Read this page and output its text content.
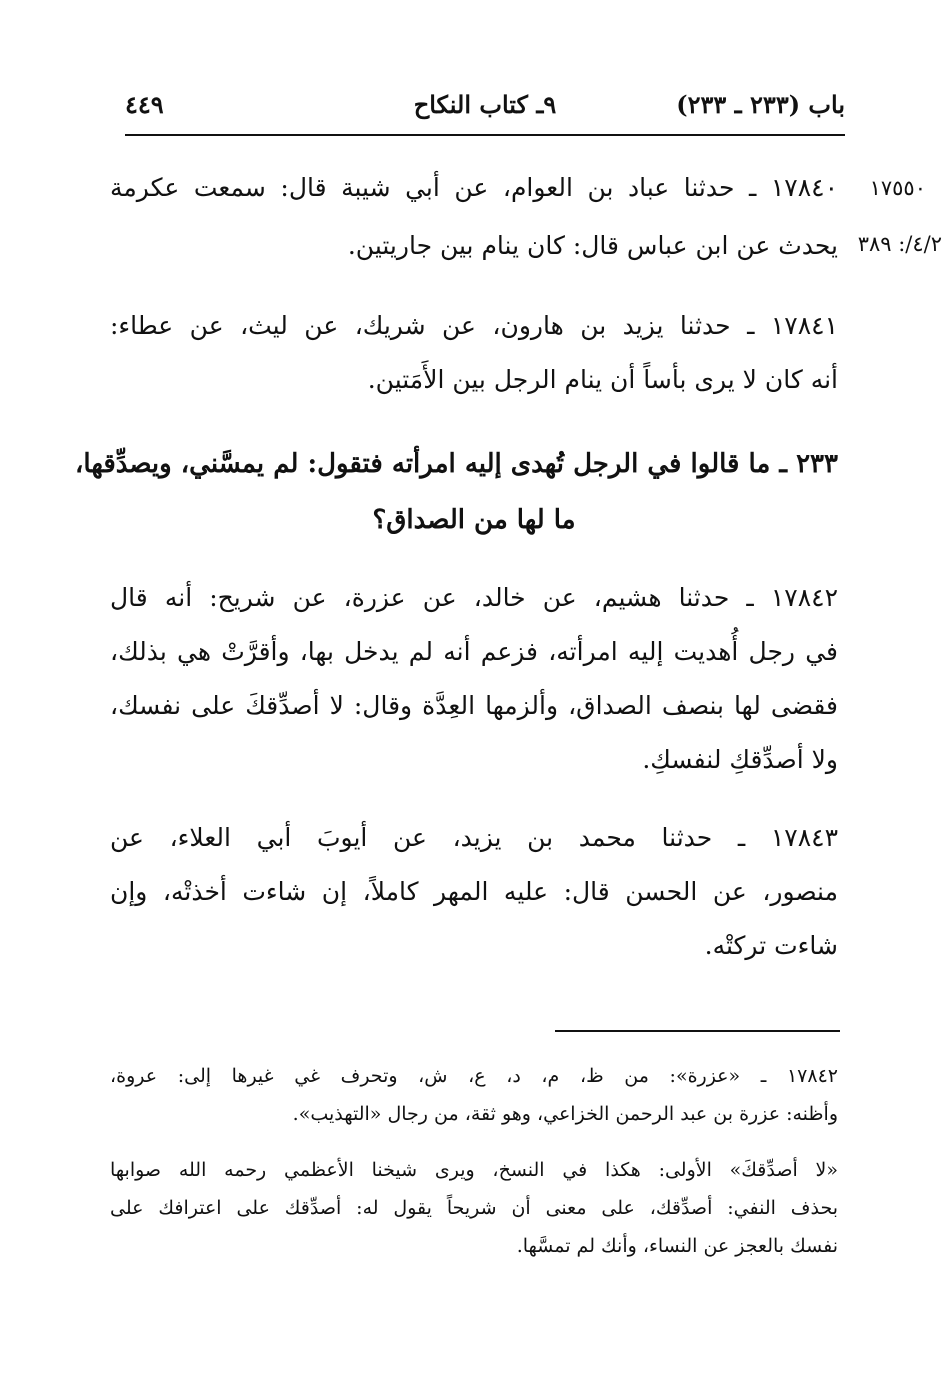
باب (٢٣٣ ـ ٢٣٣)
٩ـ كتاب النكاح
٤٤٩
١٧٥٥٠
٤/٢/: ٣٨٩
١٧٨٤٠ ـ حدثنا عباد بن العوام، عن أبي شيبة قال: سمعت عكرمة
يحدث عن ابن عباس قال: كان ينام بين جاريتين.
١٧٨٤١ ـ حدثنا يزيد بن هارون، عن شريك، عن ليث، عن عطاء:
أنه كان لا يرى بأساً أن ينام الرجل بين الأَمَتين.
٢٣٣ ـ ما قالوا في الرجل تُهدى إليه امرأته فتقول: لم يمسَّني، ويصدِّقها،
ما لها من الصداق؟
١٧٨٤٢ ـ حدثنا هشيم، عن خالد، عن عزرة، عن شريح: أنه قال
في رجل أُهديت إليه امرأته، فزعم أنه لم يدخل بها، وأقرَّتْ هي بذلك،
فقضى لها بنصف الصداق، وألزمها العِدَّة وقال: لا أصدِّقكَ على نفسك،
ولا أصدِّقكِ لنفسكِ.
١٧٨٤٣ ـ حدثنا محمد بن يزيد، عن أيوبَ أبي العلاء، عن
منصور، عن الحسن قال: عليه المهر كاملاً، إن شاءت أخذتْه، وإن
شاءت تركتْه.
١٧٨٤٢ ـ «عزرة»: من ظ، م، د، ع، ش، وتحرف غي غيرها إلى: عروة،
وأظنه: عزرة بن عبد الرحمن الخزاعي، وهو ثقة، من رجال «التهذيب».
«لا أصدِّقكَ» الأولى: هكذا في النسخ، ويرى شيخنا الأعظمي رحمه الله صوابها
بحذف النفي: أصدِّقك، على معنى أن شريحاً يقول له: أصدِّقك على اعترافك على
نفسك بالعجز عن النساء، وأنك لم تمسَّها.
